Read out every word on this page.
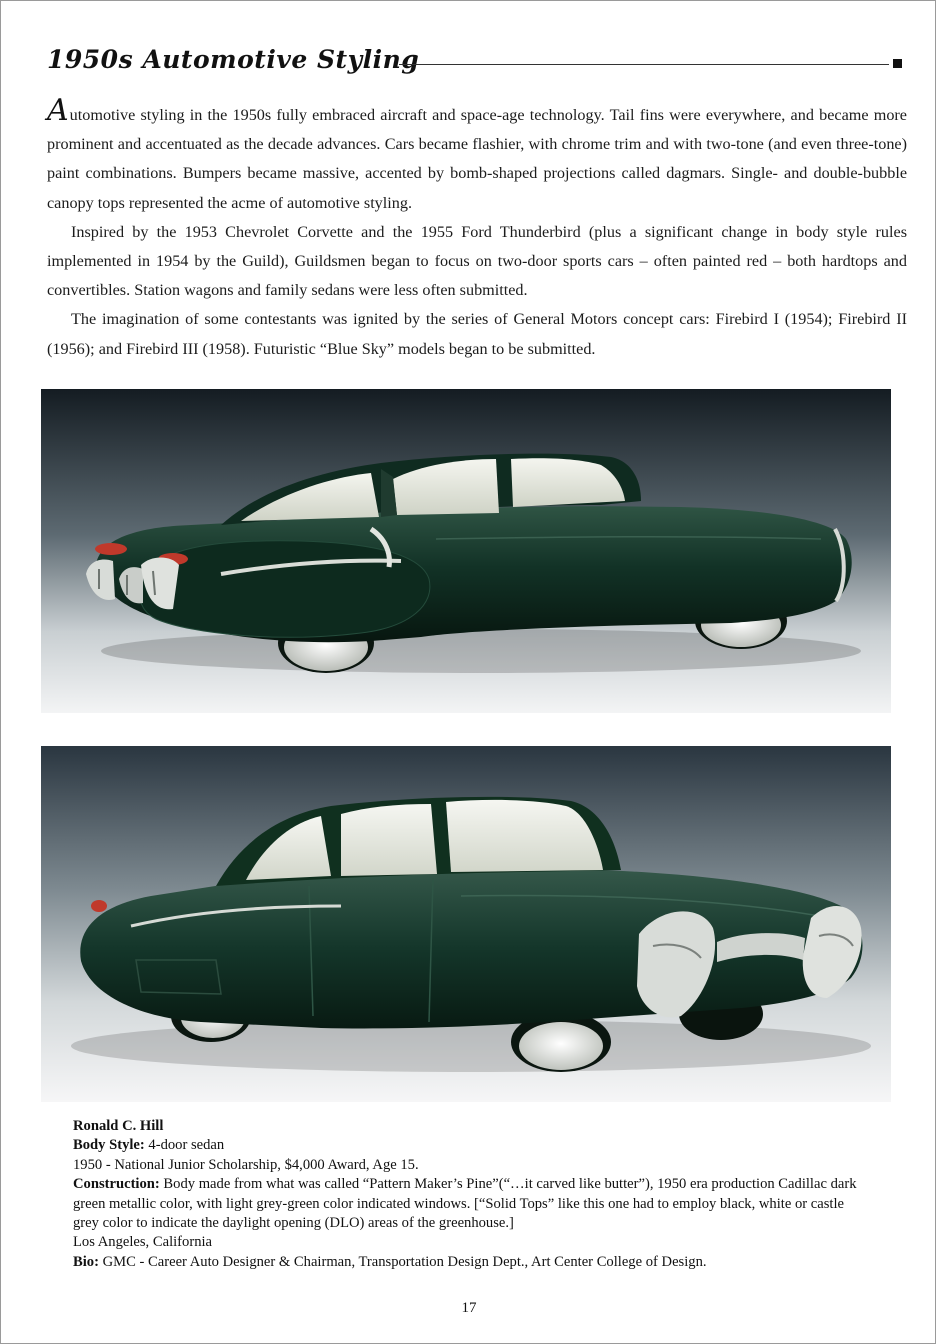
1950s Automotive Styling

Automotive styling in the 1950s fully embraced aircraft and space-age technology. Tail fins were everywhere, and became more prominent and accentuated as the decade advances. Cars became flashier, with chrome trim and with two-tone (and even three-tone) paint combinations. Bumpers became massive, accented by bomb-shaped projections called dagmars. Single- and double-bubble canopy tops represented the acme of automotive styling.

Inspired by the 1953 Chevrolet Corvette and the 1955 Ford Thunderbird (plus a significant change in body style rules implemented in 1954 by the Guild), Guildsmen began to focus on two-door sports cars – often painted red – both hardtops and convertibles. Station wagons and family sedans were less often submitted.

The imagination of some contestants was ignited by the series of General Motors concept cars: Firebird I (1954); Firebird II (1956); and Firebird III (1958). Futuristic “Blue Sky” models began to be submitted.

Ronald C. Hill
Body Style: 4-door sedan
1950 - National Junior Scholarship, $4,000 Award, Age 15.
Construction: Body made from what was called “Pattern Maker’s Pine”(“…it carved like butter”), 1950 era production Cadillac dark green metallic color, with light grey-green color indicated windows. [“Solid Tops” like this one had to employ black, white or castle grey color to indicate the daylight opening (DLO) areas of the greenhouse.]
Los Angeles, California
Bio: GMC - Career Auto Designer & Chairman, Transportation Design Dept., Art Center College of Design.
17
